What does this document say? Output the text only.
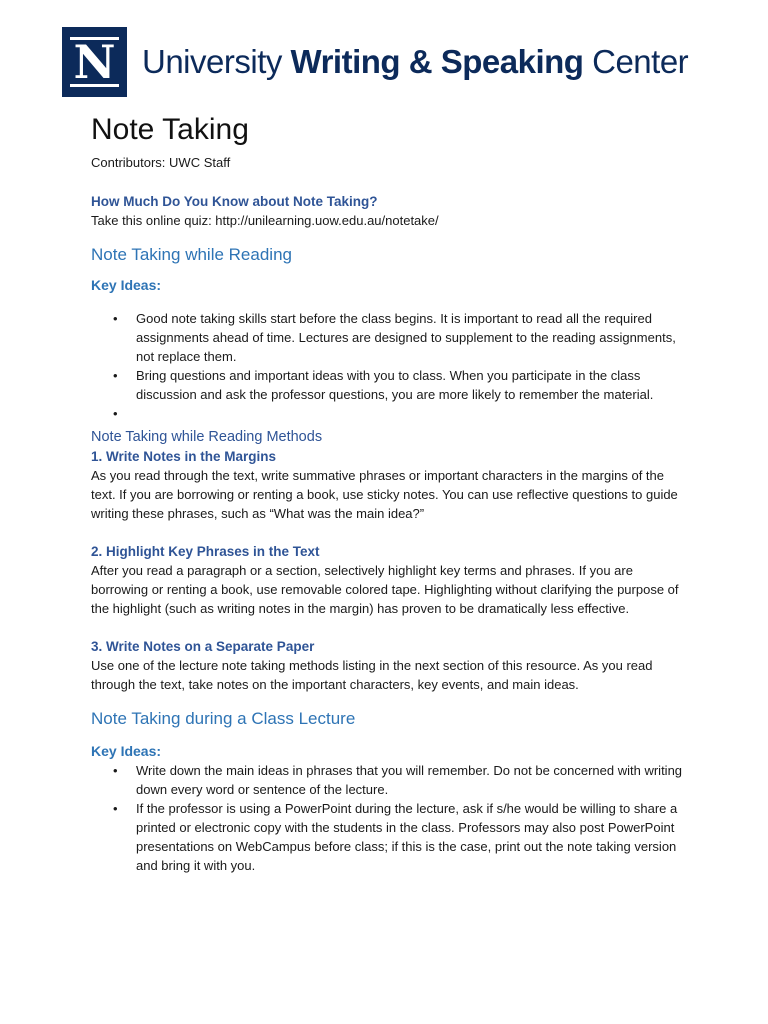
N University Writing & Speaking Center
Note Taking

Contributors: UWC Staff

How Much Do You Know about Note Taking?

Take this online quiz: http://unilearning.uow.edu.au/notetake/

Note Taking while Reading
Key Ideas:
• Good note taking skills start before the class begins. It is important to read all the required assignments ahead of time. Lectures are designed to supplement to the reading assignments, not replace them.
• Bring questions and important ideas with you to class. When you participate in the class discussion and ask the professor questions, you are more likely to remember the material.
•
Note Taking while Reading Methods
1. Write Notes in the Margins

As you read through the text, write summative phrases or important characters in the margins of the text. If you are borrowing or renting a book, use sticky notes. You can use reflective questions to guide writing these phrases, such as “What was the main idea?”

2. Highlight Key Phrases in the Text

After you read a paragraph or a section, selectively highlight key terms and phrases. If you are borrowing or renting a book, use removable colored tape. Highlighting without clarifying the purpose of the highlight (such as writing notes in the margin) has proven to be dramatically less effective.

3. Write Notes on a Separate Paper

Use one of the lecture note taking methods listing in the next section of this resource. As you read through the text, take notes on the important characters, key events, and main ideas.

Note Taking during a Class Lecture
Key Ideas:
• Write down the main ideas in phrases that you will remember. Do not be concerned with writing down every word or sentence of the lecture.
• If the professor is using a PowerPoint during the lecture, ask if s/he would be willing to share a printed or electronic copy with the students in the class. Professors may also post PowerPoint presentations on WebCampus before class; if this is the case, print out the note taking version and bring it with you.
